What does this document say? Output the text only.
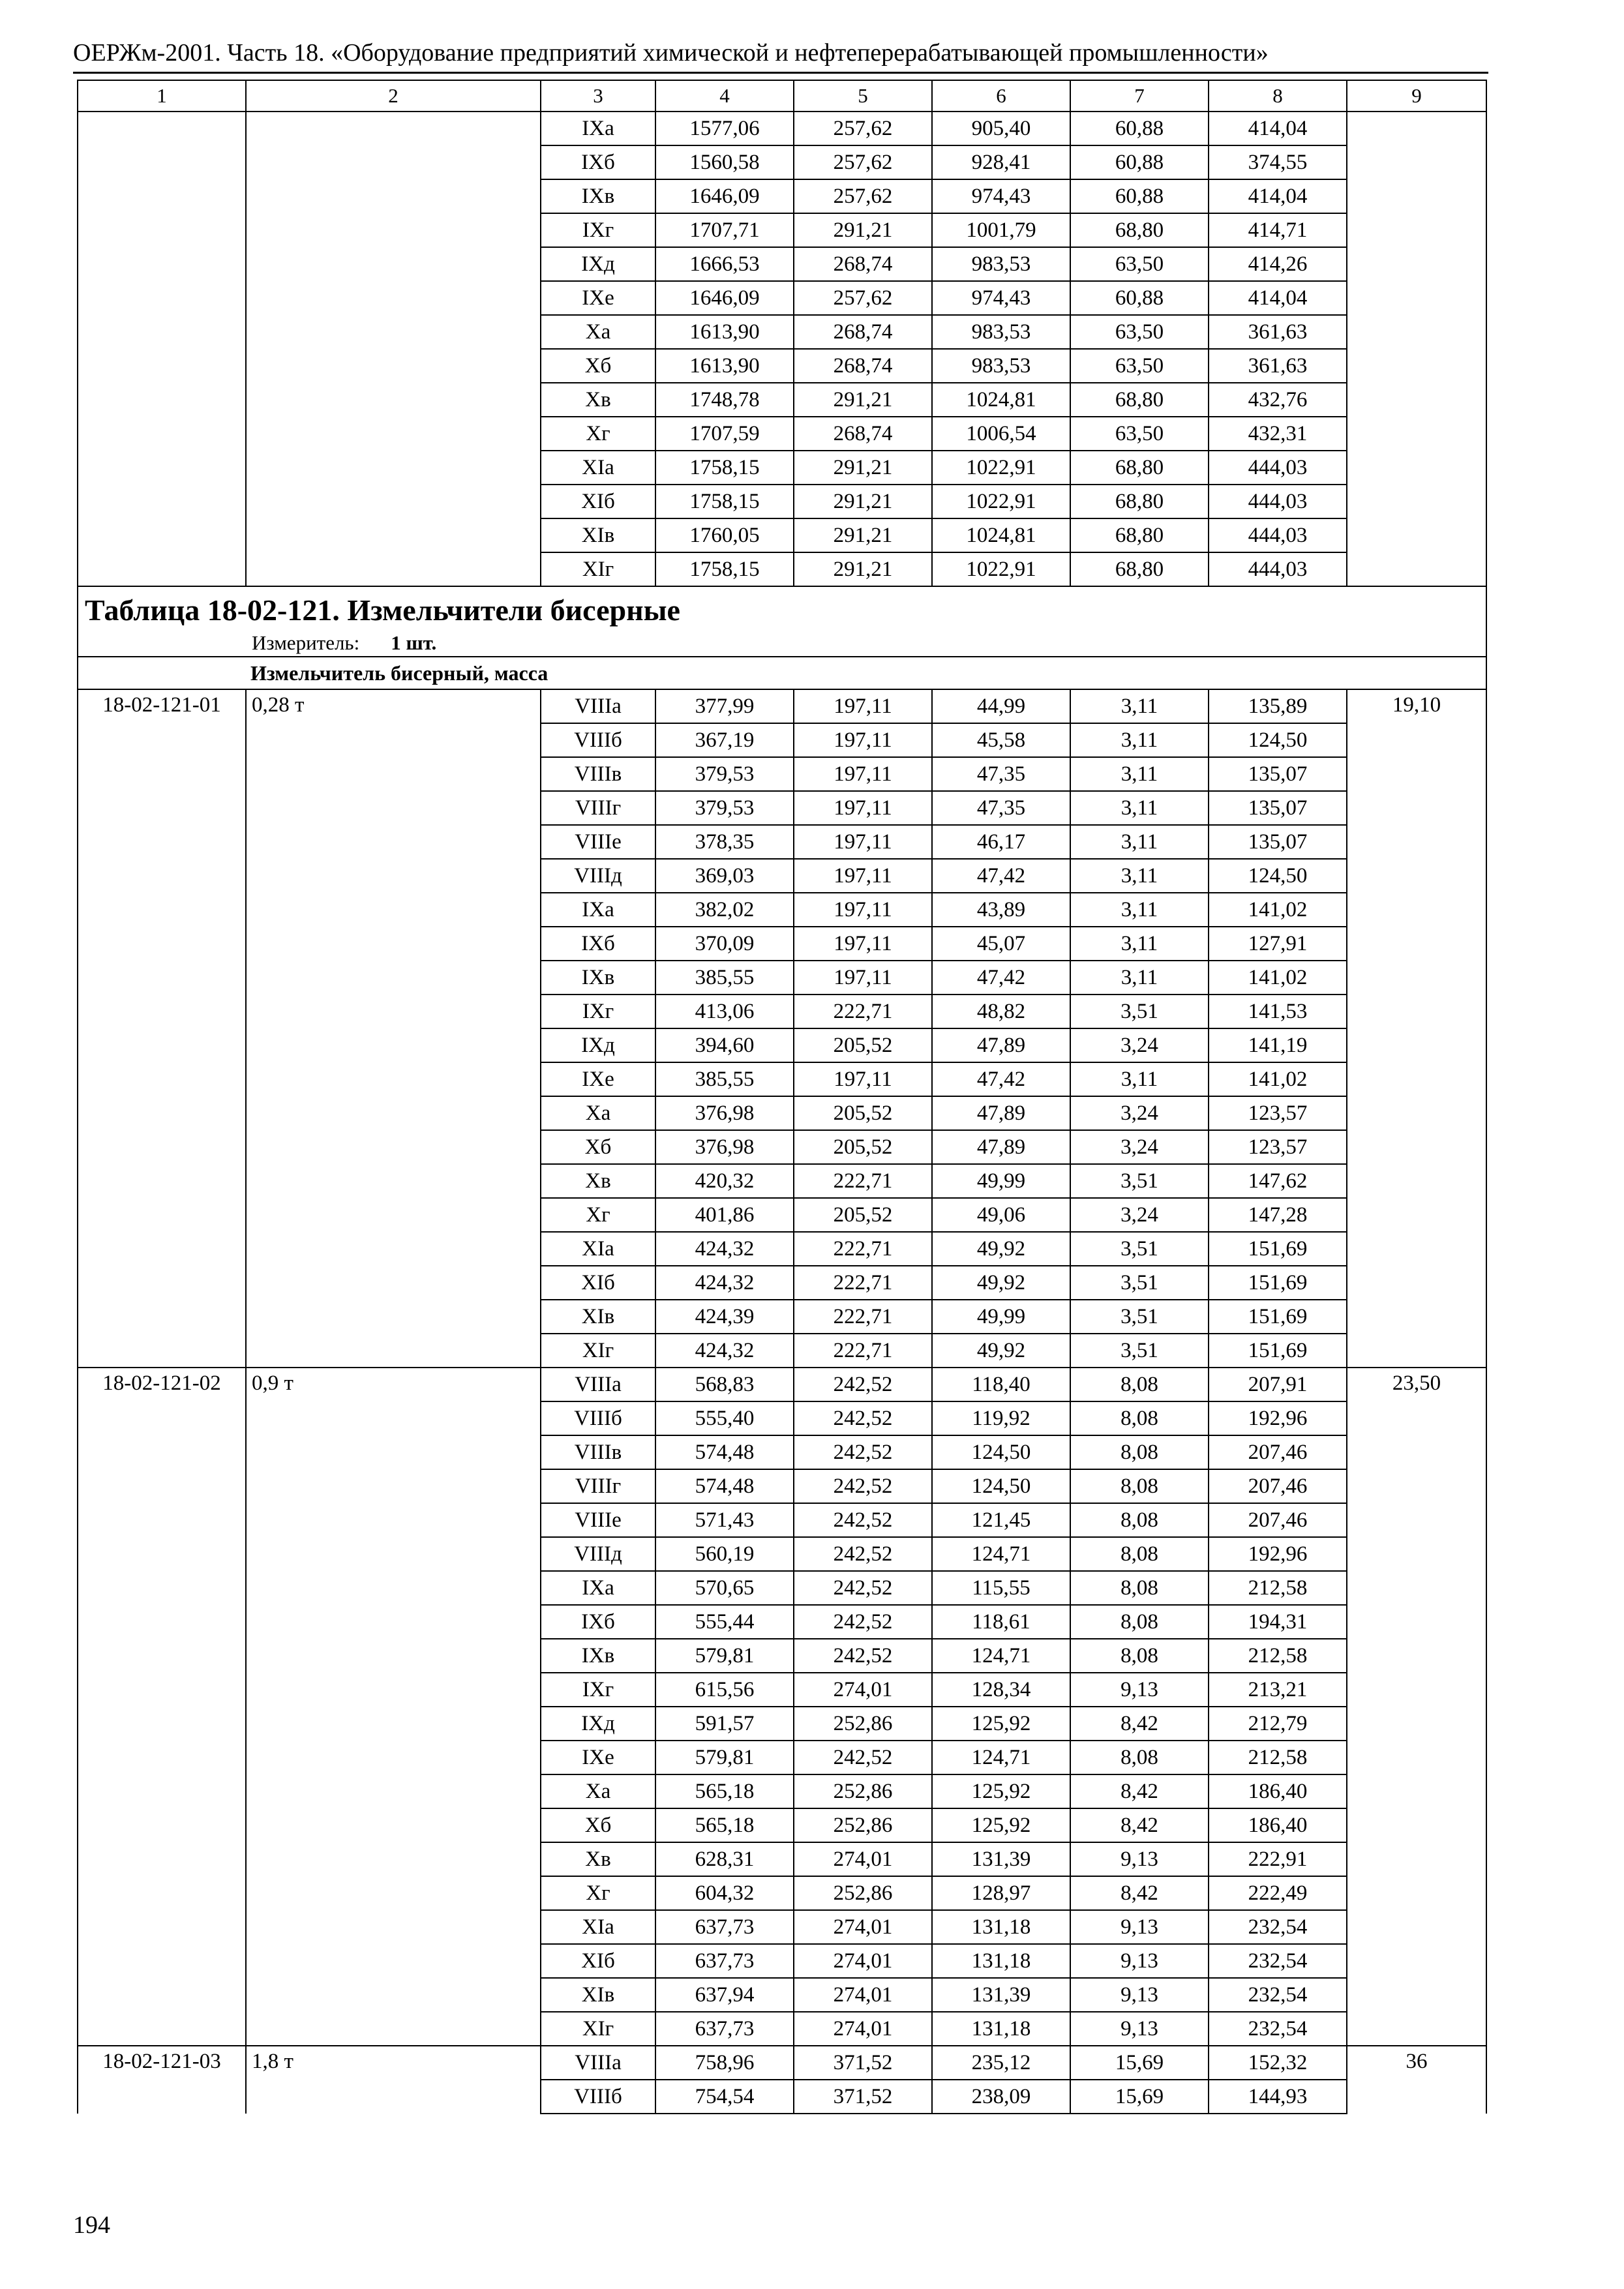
ОЕРЖм-2001. Часть 18. «Оборудование предприятий химической и нефтеперерабатывающей промышленности»
1	2	3	4	5	6	7	8	9
		IXа	1577,06	257,62	905,40	60,88	414,04	
		IXб	1560,58	257,62	928,41	60,88	374,55	
		IXв	1646,09	257,62	974,43	60,88	414,04	
		IXг	1707,71	291,21	1001,79	68,80	414,71	
		IXд	1666,53	268,74	983,53	63,50	414,26	
		IXе	1646,09	257,62	974,43	60,88	414,04	
		Xа	1613,90	268,74	983,53	63,50	361,63	
		Xб	1613,90	268,74	983,53	63,50	361,63	
		Xв	1748,78	291,21	1024,81	68,80	432,76	
		Xг	1707,59	268,74	1006,54	63,50	432,31	
		XIа	1758,15	291,21	1022,91	68,80	444,03	
		XIб	1758,15	291,21	1022,91	68,80	444,03	
		XIв	1760,05	291,21	1024,81	68,80	444,03	
		XIг	1758,15	291,21	1022,91	68,80	444,03	

Таблица 18-02-121. Измельчители бисерные
Измеритель: 1 шт.								

Измельчитель бисерный, масса								
18-02-121-01	0,28 т	VIIIа	377,99	197,11	44,99	3,11	135,89	19,10
		VIIIб	367,19	197,11	45,58	3,11	124,50	
		VIIIв	379,53	197,11	47,35	3,11	135,07	
		VIIIг	379,53	197,11	47,35	3,11	135,07	
		VIIIе	378,35	197,11	46,17	3,11	135,07	
		VIIIд	369,03	197,11	47,42	3,11	124,50	
		IXа	382,02	197,11	43,89	3,11	141,02	
		IXб	370,09	197,11	45,07	3,11	127,91	
		IXв	385,55	197,11	47,42	3,11	141,02	
		IXг	413,06	222,71	48,82	3,51	141,53	
		IXд	394,60	205,52	47,89	3,24	141,19	
		IXе	385,55	197,11	47,42	3,11	141,02	
		Xа	376,98	205,52	47,89	3,24	123,57	
		Xб	376,98	205,52	47,89	3,24	123,57	
		Xв	420,32	222,71	49,99	3,51	147,62	
		Xг	401,86	205,52	49,06	3,24	147,28	
		XIа	424,32	222,71	49,92	3,51	151,69	
		XIб	424,32	222,71	49,92	3,51	151,69	
		XIв	424,39	222,71	49,99	3,51	151,69	
		XIг	424,32	222,71	49,92	3,51	151,69	
18-02-121-02	0,9 т	VIIIа	568,83	242,52	118,40	8,08	207,91	23,50
		VIIIб	555,40	242,52	119,92	8,08	192,96	
		VIIIв	574,48	242,52	124,50	8,08	207,46	
		VIIIг	574,48	242,52	124,50	8,08	207,46	
		VIIIе	571,43	242,52	121,45	8,08	207,46	
		VIIIд	560,19	242,52	124,71	8,08	192,96	
		IXа	570,65	242,52	115,55	8,08	212,58	
		IXб	555,44	242,52	118,61	8,08	194,31	
		IXв	579,81	242,52	124,71	8,08	212,58	
		IXг	615,56	274,01	128,34	9,13	213,21	
		IXд	591,57	252,86	125,92	8,42	212,79	
		IXе	579,81	242,52	124,71	8,08	212,58	
		Xа	565,18	252,86	125,92	8,42	186,40	
		Xб	565,18	252,86	125,92	8,42	186,40	
		Xв	628,31	274,01	131,39	9,13	222,91	
		Xг	604,32	252,86	128,97	8,42	222,49	
		XIа	637,73	274,01	131,18	9,13	232,54	
		XIб	637,73	274,01	131,18	9,13	232,54	
		XIв	637,94	274,01	131,39	9,13	232,54	
		XIг	637,73	274,01	131,18	9,13	232,54	
18-02-121-03	1,8 т	VIIIа	758,96	371,52	235,12	15,69	152,32	36
		VIIIб	754,54	371,52	238,09	15,69	144,93	
194
